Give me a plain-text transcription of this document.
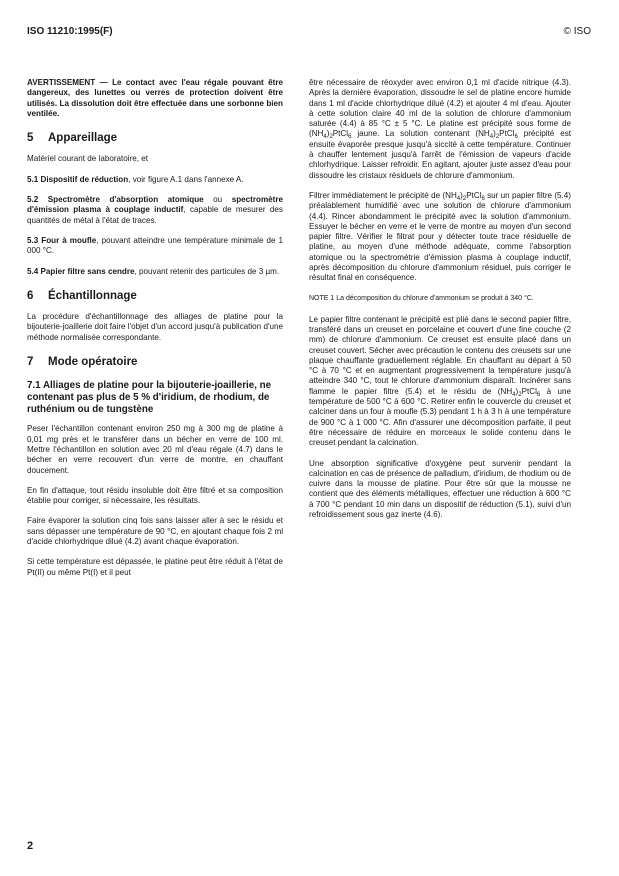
ISO 11210:1995(F)	© ISO

AVERTISSEMENT — Le contact avec l'eau régale pouvant être dangereux, des lunettes ou verres de protection doivent être utilisés. La dissolution doit être effectuée dans une sorbonne bien ventilée.

5 Appareillage

Matériel courant de laboratoire, et

5.1 Dispositif de réduction, voir figure A.1 dans l'annexe A.

5.2 Spectromètre d'absorption atomique ou spectromètre d'émission plasma à couplage inductif, capable de mesurer des quantités de métal à l'état de traces.

5.3 Four à moufle, pouvant atteindre une température minimale de 1 000 °C.

5.4 Papier filtre sans cendre, pouvant retenir des particules de 3 µm.

6 Échantillonnage

La procédure d'échantillonnage des alliages de platine pour la bijouterie-joaillerie doit faire l'objet d'un accord jusqu'à publication d'une méthode normalisée correspondante.

7 Mode opératoire
7.1 Alliages de platine pour la bijouterie-joaillerie, ne contenant pas plus de 5 % d'iridium, de rhodium, de ruthénium ou de tungstène

Peser l'échantillon contenant environ 250 mg à 300 mg de platine à 0,01 mg près et le transférer dans un bécher en verre de 100 ml. Mettre l'échantillon en solution avec 20 ml d'eau régale (4.7) dans le bécher en verre recouvert d'un verre de montre, en chauffant doucement.

En fin d'attaque, tout résidu insoluble doit être filtré et sa composition établie pour corriger, si nécessaire, les résultats.

Faire évaporer la solution cinq fois sans laisser aller à sec le résidu et sans dépasser une température de 90 °C, en ajoutant chaque fois 2 ml d'acide chlorhydrique dilué (4.2) avant chaque évaporation.

Si cette température est dépassée, le platine peut être réduit à l'état de Pt(II) ou même Pt(I) et il peut

être nécessaire de réoxyder avec environ 0,1 ml d'acide nitrique (4.3). Après la dernière évaporation, dissoudre le sel de platine encore humide dans 1 ml d'acide chlorhydrique dilué (4.2) et ajouter 4 ml d'eau. Ajouter à cette solution claire 40 ml de la solution de chlorure d'ammonium saturée (4.4) à 85 °C ± 5 °C. Le platine est précipité sous forme de $(NH_4)_2PtCl_6$ jaune. La solution contenant $(NH_4)_2PtCl_6$ précipité est ensuite évaporée presque jusqu'à siccité à cette température. Continuer à chauffer lentement jusqu'à l'arrêt de l'émission de vapeurs d'acide chlorhydrique. Laisser refroidir. En agitant, ajouter juste assez d'eau pour dissoudre les cristaux résiduels de chlorure d'ammonium.

Filtrer immédiatement le précipité de $(NH_4)_2PtCl_6$ sur un papier filtre (5.4) préalablement humidifié avec une solution de chlorure d'ammonium (4.4). Rincer abondamment le précipité avec la solution d'ammonium. Essuyer le bécher en verre et le verre de montre au moyen d'un second papier filtre. Vérifier le filtrat pour y détecter toute trace résiduelle de platine, au moyen d'une méthode adéquate, comme l'absorption atomique ou la spectrométrie d'émission plasma à couplage inductif, après décomposition du chlorure d'ammonium résiduel, puis corriger le résultat final en conséquence.

NOTE 1 La décomposition du chlorure d'ammonium se produit à 340 °C.

Le papier filtre contenant le précipité est plié dans le second papier filtre, transféré dans un creuset en porcelaine et couvert d'une fine couche (2 mm) de chlorure d'ammonium. Ce creuset est ensuite placé dans un creuset couvert. Sécher avec précaution le contenu des creusets sur une plaque chauffante graduellement réglable. En chauffant au départ à 50 °C à 70 °C et en augmentant progressivement la température jusqu'à atteindre 340 °C, tout le chlorure d'ammonium disparaît. Incinérer sans flamme le papier filtre (5.4) et le résidu de $(NH_4)_2PtCl_6$ à une température de 500 °C à 600 °C. Retirer enfin le couvercle du creuset et calciner dans un four à moufle (5.3) pendant 1 h à 3 h à une température de 900 °C à 1 000 °C. Afin d'assurer une décomposition parfaite, il peut être nécessaire de réduire en morceaux le solide contenu dans le creuset pendant la calcination.

Une absorption significative d'oxygène peut survenir pendant la calcination en cas de présence de palladium, d'iridium, de rhodium ou de cuivre dans la mousse de platine. Pour être sûr que la mousse ne contient que des éléments métalliques, effectuer une réduction à 600 °C à 700 °C pendant 10 min dans un dispositif de réduction (5.1), suivi d'un refroidissement sous gaz inerte (4.6).

2
